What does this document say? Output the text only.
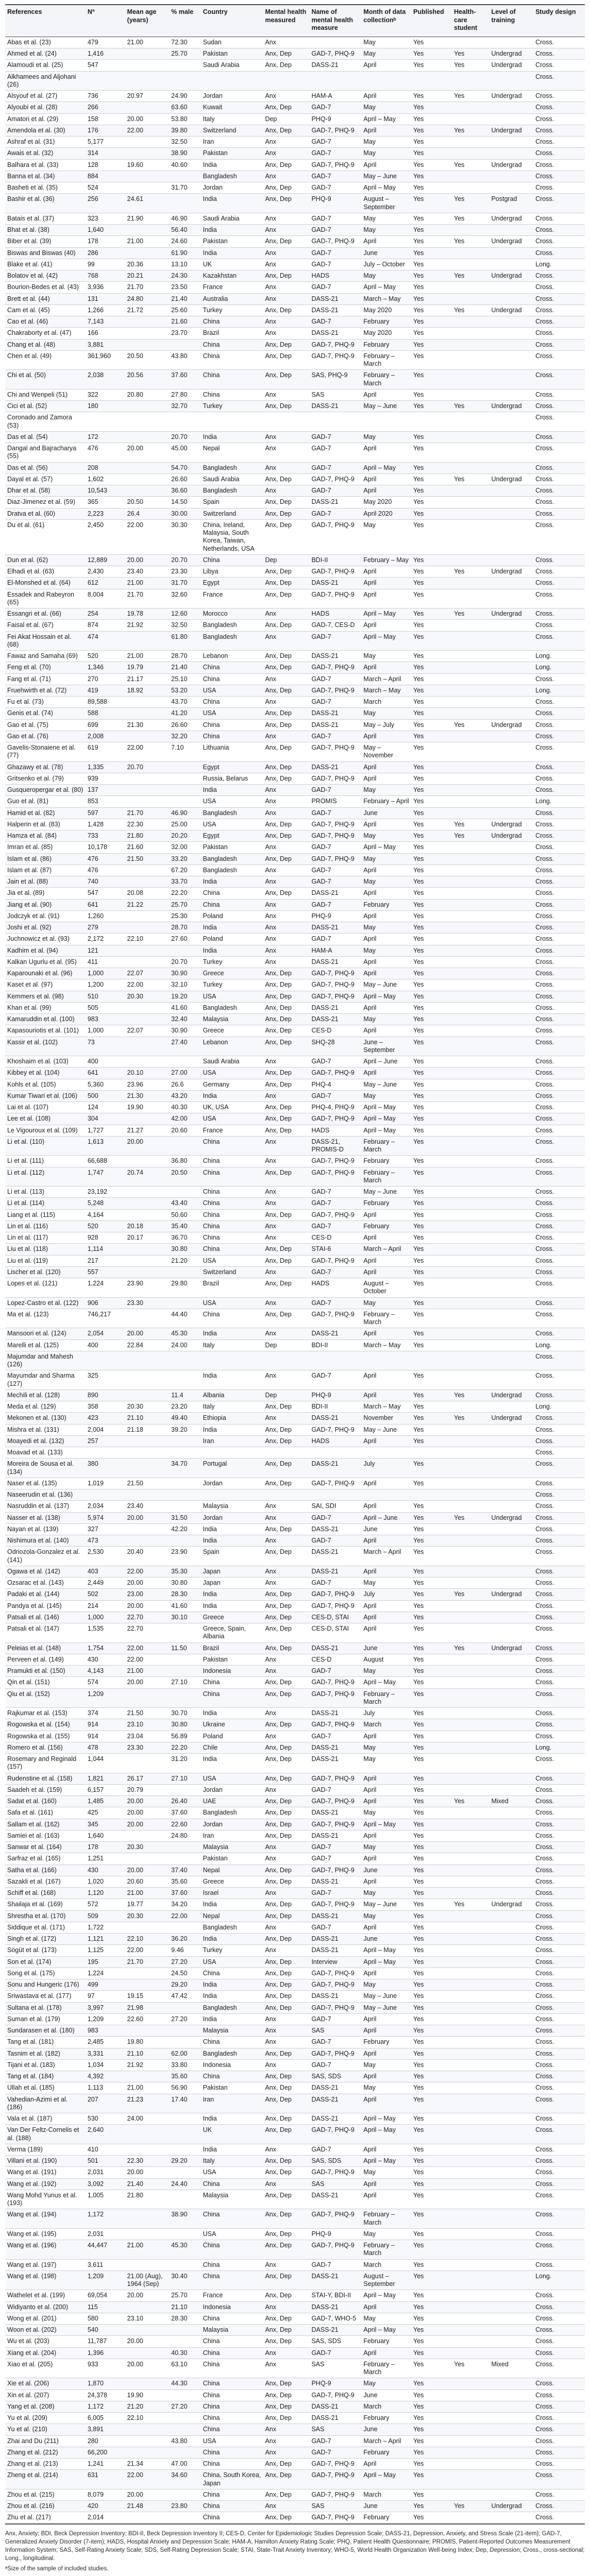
References	Nª	Mean age (years)	% male	Country	Mental health measured	Name of mental health measure	Month of data collectionᵇ	Published	Health-care student	Level of training	Study design
Abas et al. (23)	479	21.00	72.30	Sudan	Anx		May	Yes			Cross.
Ahmed et al. (24)	1,416		25.70	Pakistan	Anx, Dep	GAD-7, PHQ-9	May	Yes	Yes	Undergrad	Cross.
Alamoudi et al. (25)	547			Saudi Arabia	Anx, Dep	DASS-21	April	Yes	Yes	Undergrad	Cross.
Alkhamees and Aljohani (26)											Cross.
Alsyouf et al. (27)	736	20.97	24.90	Jordan	Anx	HAM-A	April	Yes	Yes	Undergrad	Cross.
Alyoubi et al. (28)	266		63.60	Kuwait	Anx, Dep	GAD-7	May	Yes			Cross.
Amatori et al. (29)	158	20.00	53.80	Italy	Dep	PHQ-9	April – May	Yes			Cross.
Amendola et al. (30)	176	22.00	39.80	Switzerland	Anx, Dep	GAD-7, PHQ-9	April	Yes	Yes	Undergrad	Cross.
Ashraf et al. (31)	5,177		32.50	Iran	Anx	GAD-7	May	Yes			Cross.
Awais et al. (32)	314		38.90	Pakistan	Anx	GAD-7	May	Yes			Cross.
Balhara et al. (33)	128	19.60	40.60	India	Anx, Dep	GAD-7, PHQ-9	April	Yes	Yes	Undergrad	Cross.
Banna et al. (34)	884			Bangladesh	Anx	GAD-7	May – June	Yes			Cross.
Basheti et al. (35)	524		31.70	Jordan	Anx, Dep	GAD-7	April – May	Yes			Cross.
Bashir et al. (36)	256	24.61		India	Anx, Dep	PHQ-9	August – September	Yes	Yes	Postgrad	Cross.
Batais et al. (37)	323	21.90	46.90	Saudi Arabia	Anx	GAD-7	May	Yes	Yes	Undergrad	Cross.
Bhat et al. (38)	1,640		56.40	India	Anx	GAD-7	May	Yes			Cross.
Biber et al. (39)	178	21.00	24.60	Pakistan	Anx, Dep	GAD-7, PHQ-9	April	Yes	Yes	Undergrad	Cross.
Biswas and Biswas (40)	286		61.90	India	Anx	GAD-7	June	Yes			Cross.
Blake et al. (41)	99	20.36	13.10	UK	Anx	GAD-7	July – October	Yes			Long.
Bolatov et al. (42)	768	20.21	24.30	Kazakhstan	Anx, Dep	HADS	May	Yes	Yes	Undergrad	Cross.
Bourion-Bedes et al. (43)	3,936	21.70	23.50	France	Anx	GAD-7	April – May	Yes			Cross.
Brett et al. (44)	131	24.80	21.40	Australia	Anx	DASS-21	March – May	Yes			Cross.
Cam et al. (45)	1,266	21.72	25.60	Turkey	Anx, Dep	DASS-21	May 2020	Yes	Yes	Undergrad	Cross.
Cao et al. (46)	7,143		21.60	China	Anx	GAD-7	February	Yes			Cross.
Chakraborty et al. (47)	166		23.70	Brazil	Anx	DASS-21	May 2020	Yes			Cross.
Chang et al. (48)	3,881			China	Anx, Dep	GAD-7, PHQ-9	February	Yes			Cross.
Chen et al. (49)	361,960	20.50	43.80	China	Anx, Dep	GAD-7, PHQ-9	February – March	Yes			Cross.
Chi et al. (50)	2,038	20.56	37.60	China	Anx, Dep	SAS, PHQ-9	February – March	Yes			Cross.
Chi and Wenpeli (51)	322	20.80	27.80	China	Anx	SAS	April	Yes			Cross.
Cici et al. (52)	180		32.70	Turkey	Anx, Dep	DASS-21	May – June	Yes	Yes	Undergrad	Cross.
Coronado and Zamora (53)											Cross.
Das et al. (54)	172		20.70	India	Anx	GAD-7	May	Yes			Cross.
Dangal and Bajracharya (55)	476	20.00	45.00	Nepal	Anx	GAD-7	April	Yes			Cross.
Das et al. (56)	208		54.70	Bangladesh	Anx	GAD-7	April – May	Yes			Cross.
Dayal et al. (57)	1,602		26.60	Saudi Arabia	Anx, Dep	GAD-7, PHQ-9	April	Yes	Yes	Undergrad	Cross.
Dhar et al. (58)	10,543		36.60	Bangladesh	Anx	GAD-7	April	Yes			Cross.
Diaz-Jimenez et al. (59)	365	20.50	14.50	Spain	Anx, Dep	DASS-21	May 2020	Yes			Cross.
Dratva et al. (60)	2,223	26.4	30.00	Switzerland	Anx, Dep	GAD-7	April 2020	Yes			Cross.
Du et al. (61)	2,450	22.00	30.30	China, Ireland, Malaysia, South Korea, Taiwan, Netherlands, USA	Anx, Dep	GAD-7, PHQ-9	May	Yes			Cross.
Dun et al. (62)	12,889	20.00	20.70	China	Dep	BDI-II	February – May	Yes			Cross.
Elhadi et al. (63)	2,430	23.40	23.30	Libya	Anx, Dep	GAD-7, PHQ-9	April	Yes	Yes	Undergrad	Cross.
El-Monshed et al. (64)	612	21.00	31.70	Egypt	Anx, Dep	DASS-21	April	Yes			Cross.
Essadek and Rabeyron (65)	8,004	21.70	32.60	France	Anx, Dep	GAD-7, PHQ-9	April	Yes			Cross.
Essangri et al. (66)	254	19.78	12.60	Morocco	Anx	HADS	April – May	Yes	Yes	Undergrad	Cross.
Faisal et al. (67)	874	21.92	32.50	Bangladesh	Anx, Dep	GAD-7, CES-D	April	Yes			Cross.
Fei Akat Hossain et al. (68)	474		61.80	Bangladesh	Anx	GAD-7	April – May	Yes			Cross.
Fawaz and Samaha (69)	520	21.00	28.70	Lebanon	Anx, Dep	DASS-21	May	Yes			Long.
Feng et al. (70)	1,346	19.79	21.40	China	Anx, Dep	GAD-7, PHQ-9	April	Yes			Long.
Fang et al. (71)	270	21.17	25.10	China	Anx	GAD-7	March – April	Yes			Cross.
Fruehwirth et al. (72)	419	18.92	53.20	USA	Anx, Dep	GAD-7, PHQ-9	March – May	Yes			Long.
Fu et al. (73)	89,588		43.70	China	Anx	GAD-7	March	Yes			Cross.
Genis et al. (74)	588		41.20	USA	Anx, Dep	DASS-21	May	Yes			Cross.
Gao et al. (75)	699	21.30	26.60	China	Anx, Dep	DASS-21	May – July	Yes	Yes	Undergrad	Cross.
Gao et al. (76)	2,008		32.20	China	Anx	GAD-7	April	Yes			Cross.
Gavelis-Stonaiene et al. (77)	619	22.00	7.10	Lithuania	Anx, Dep	GAD-7, PHQ-9	May – November	Yes			Cross.
Ghazawy et al. (78)	1,335	20.70		Egypt	Anx, Dep	DASS-21	April	Yes			Cross.
Gritsenko et al. (79)	939			Russia, Belarus	Anx, Dep	GAD-7, PHQ-9	April	Yes			Cross.
Gusqueropergar et al. (80)	137			India	Anx	GAD-7	May	Yes			Cross.
Guo et al. (81)	853			USA	Anx	PROMIS	February – April	Yes			Long.
Hamid et al. (82)	597	21.70	46.90	Bangladesh	Anx	GAD-7	June	Yes			Cross.
Halperin et al. (83)	1,428	22.30	25.00	USA	Anx, Dep	GAD-7, PHQ-9	April	Yes	Yes	Undergrad	Cross.
Hamza et al. (84)	733	21.80	20.20	Egypt	Anx, Dep	GAD-7, PHQ-9	May	Yes	Yes	Undergrad	Cross.
Imran et al. (85)	10,178	21.60	32.00	Pakistan	Anx	GAD-7	April – May	Yes			Cross.
Islam et al. (86)	476	21.50	33.20	Bangladesh	Anx, Dep	GAD-7, PHQ-9	May	Yes			Cross.
Islam et al. (87)	476		67.20	Bangladesh	Anx	GAD-7	April	Yes			Cross.
Jain et al. (88)	740		33.70	India	Anx	GAD-7	May	Yes			Cross.
Jia et al. (89)	547	20.08	22.20	China	Anx, Dep	DASS-21	April	Yes			Cross.
Jiang et al. (90)	641	21.22	25.70	China	Anx	GAD-7	February	Yes			Cross.
Jodczyk et al. (91)	1,260		25.30	Poland	Anx	PHQ-9	April	Yes			Cross.
Joshi et al. (92)	279		28.70	India	Anx	DASS-21	May	Yes			Cross.
Juchnowicz et al. (93)	2,172	22.10	27.60	Poland	Anx	GAD-7	April	Yes			Cross.
Kadhim et al. (94)	121			India	Anx	HAM-A	May	Yes			Cross.
Kalkan Ugurlu et al. (95)	411		20.70	Turkey	Anx	DASS-21	April	Yes			Cross.
Kaparounaki et al. (96)	1,000	22.07	30.90	Greece	Anx, Dep	GAD-7, PHQ-9	April	Yes			Cross.
Kaset et al. (97)	1,200	22.00	32.10	Turkey	Anx, Dep	GAD-7, PHQ-9	May – June	Yes			Cross.
Kemmers et al. (98)	510	20.30	19.20	USA	Anx, Dep	GAD-7, PHQ-9	April – May	Yes			Cross.
Khan et al. (99)	505		41.60	Bangladesh	Anx, Dep	DASS-21	April	Yes			Cross.
Kamaruddin et al. (100)	983		32.40	Malaysia	Anx, Dep	DASS-21	May	Yes			Cross.
Kapasouriotis et al. (101)	1,000	22.07	30.90	Greece	Anx, Dep	CES-D	April	Yes			Cross.
Kassir et al. (102)	73		27.40	Lebanon	Anx, Dep	SHQ-28	June – September	Yes			Cross.
Khoshaim et al. (103)	400			Saudi Arabia	Anx	GAD-7	April – June	Yes			Cross.
Kibbey et al. (104)	641	20.10	27.00	USA	Anx, Dep	GAD-7, PHQ-9	April	Yes			Cross.
Kohls et al. (105)	5,360	23.96	26.6	Germany	Anx, Dep	PHQ-4	May – June	Yes			Cross.
Kumar Tiwari et al. (106)	500	21.30	43.20	India	Anx	GAD-7	May	Yes			Cross.
Lai et al. (107)	124	19.90	40.30	UK, USA	Anx, Dep	PHQ-4, PHQ-9	April – May	Yes			Cross.
Lee et al. (108)	304		42.00	USA	Anx, Dep	GAD-7, PHQ-9	April – May	Yes			Cross.
Le Vigouroux et al. (109)	1,727	21.27	20.60	France	Anx, Dep	HADS	April – May	Yes			Cross.
Li et al. (110)	1,613	20.00		China	Anx	DASS-21, PROMIS-D	February – March	Yes			Cross.
Li et al. (111)	66,688		36.80	China	Anx	GAD-7, PHQ-9	February	Yes			Cross.
Li et al. (112)	1,747	20.74	20.50	China	Anx, Dep	GAD-7, PHQ-9	February – March	Yes			Cross.
Li et al. (113)	23,192			China	Anx	GAD-7	May – June	Yes			Cross.
Li et al. (114)	5,248		43.40	China	Anx	GAD-7	February	Yes			Cross.
Liang et al. (115)	4,164		50.60	China	Anx, Dep	GAD-7, PHQ-9	April	Yes			Cross.
Lin et al. (116)	520	20.18	35.40	China	Anx	GAD-7	February	Yes			Cross.
Lin et al. (117)	928	20.17	36.70	China	Anx	CES-D	April	Yes			Cross.
Liu et al. (118)	1,114		30.80	China	Anx, Dep	STAI-6	March – April	Yes			Cross.
Liu et al. (119)	217		21.20	USA	Anx, Dep	GAD-7, PHQ-9	April	Yes			Cross.
Lischer et al. (120)	557			Switzerland	Anx	GAD-7	April	Yes			Cross.
Lopes et al. (121)	1,224	23.90	29.80	Brazil	Anx, Dep	HADS	August – October	Yes			Cross.
Lopez-Castro et al. (122)	906	23.30		USA	Anx	GAD-7	May	Yes			Cross.
Ma et al. (123)	746,217		44.40	China	Anx, Dep	GAD-7, PHQ-9	February – March	Yes			Cross.
Mansoori et al. (124)	2,054	20.00	45.30	India	Anx	DASS-21	April	Yes			Cross.
Marelli et al. (125)	400	22.84	24.00	Italy	Dep	BDI-II	March – May	Yes			Long.
Majumdar and Mahesh (126)											Cross.
Mayumdar and Sharma (127)	325			India	Anx	GAD-7	April	Yes			Cross.
Mechili et al. (128)	890		11.4	Albania	Dep	PHQ-9	April	Yes	Yes	Undergrad	Cross.
Meda et al. (129)	358	20.30	23.20	Italy	Anx, Dep	BDI-II	March – May	Yes			Long.
Mekonen et al. (130)	423	21.10	49.40	Ethiopia	Anx	DASS-21	November	Yes	Yes	Undergrad	Cross.
Mishra et al. (131)	2,004	21.18	39.20	India	Anx, Dep	GAD-7, PHQ-9	May – June	Yes			Cross.
Moayedi et al. (132)	257			Iran	Anx, Dep	HADS	April	Yes			Cross.
Moavad et al. (133)											Cross.
Moreira de Sousa et al. (134)	380		34.70	Portugal	Anx, Dep	DASS-21	July	Yes			Cross.
Naser et al. (135)	1,019	21.50		Jordan	Anx, Dep	GAD-7, PHQ-9	April	Yes			Cross.
Naseerudin et al. (136)											Cross.
Nasruddin et al. (137)	2,034	23.40		Malaysia	Anx	SAI, SDI	April	Yes			Cross.
Nasser et al. (138)	5,974	20.00	31.50	Jordan	Anx	GAD-7	April – June	Yes	Yes	Undergrad	Cross.
Nayan et al. (139)	327		42.20	India	Anx, Dep	DASS-21	June	Yes			Cross.
Nishimura et al. (140)	473			India	Anx	GAD-7	April	Yes			Cross.
Odriozola-Gonzalez et al. (141)	2,530	20.40	23.90	Spain	Anx, Dep	DASS-21	March – April	Yes			Cross.
Ogawa et al. (142)	403	22.00	35.30	Japan	Anx	DASS-21	April	Yes			Cross.
Ozsarac et al. (143)	2,449	20.00	30.80	Japan	Anx	GAD-7	May	Yes			Cross.
Padaki et al. (144)	502	23.00	28.30	India	Anx, Dep	GAD-7, PHQ-9	July	Yes	Yes	Undergrad	Cross.
Pandya et al. (145)	214	20.00	41.60	India	Anx, Dep	GAD-7, PHQ-9	April	Yes			Cross.
Patsali et al. (146)	1,000	22.70	30.10	Greece	Anx, Dep	CES-D, STAI	April	Yes			Cross.
Patsali et al. (147)	1,535	22.70		Greece, Spain, Albania	Anx, Dep	CES-D, STAI	April	Yes			Cross.
Peleias et al. (148)	1,754	22.00	11.50	Brazil	Anx, Dep	DASS-21	June	Yes	Yes	Undergrad	Cross.
Perveen et al. (149)	430	22.00		Pakistan	Anx	CES-D	August	Yes			Cross.
Pramukti et al. (150)	4,143	21.00		Indonesia	Anx	GAD-7	May	Yes			Cross.
Qin et al. (151)	574	20.00	27.10	China	Anx, Dep	GAD-7, PHQ-9	April – May	Yes			Cross.
Qiu et al. (152)	1,209			China	Anx, Dep	GAD-7, PHQ-9	February – March	Yes			Cross.
Rajkumar et al. (153)	374	21.50	30.70	India	Anx	DASS-21	July	Yes			Cross.
Rogowska et al. (154)	914	23.10	30.80	Ukraine	Anx, Dep	GAD-7, PHQ-9	March	Yes			Cross.
Rogowska et al. (155)	914	23.04	56.89	Poland	Anx	GAD-7	April	Yes			Cross.
Romero et al. (156)	478	23.30	22.20	Chile	Anx, Dep	DASS-21	May	Yes			Long.
Rosemary and Reginald (157)	1,044		31.20	India	Anx, Dep	DASS-21	May	Yes			Cross.
Rudenstine et al. (158)	1,821	26.17	27.10	USA	Anx, Dep	GAD-7, PHQ-9	April	Yes			Cross.
Saadeh et al. (159)	6,157	20.79		Jordan	Anx	GAD-7	April	Yes			Cross.
Sadat et al. (160)	1,485	20.00	26.40	UAE	Anx, Dep	GAD-7, PHQ-9	April	Yes	Yes	Mixed	Cross.
Safa et al. (161)	425	20.00	37.60	Bangladesh	Anx, Dep	DASS-21	May	Yes			Cross.
Sallam et al. (162)	345	20.00	22.60	Jordan	Anx, Dep	GAD-7, PHQ-9	April – May	Yes			Cross.
Samiei et al. (163)	1,640		24.80	Iran	Anx, Dep	DASS-21	April	Yes			Cross.
Sanwar et al. (164)	178	20.30		Malaysia	Anx	GAD-7	May	Yes			Cross.
Sarfraz et al. (165)	1,251			Pakistan	Anx	GAD-7	April	Yes			Cross.
Satha et al. (166)	430	20.00	37.40	Nepal	Anx, Dep	GAD-7, PHQ-9	June	Yes			Cross.
Sazakli et al. (167)	1,020	20.60	35.60	Greece	Anx, Dep	DASS-21	April	Yes			Cross.
Schiff et al. (168)	1,120	21.00	37.60	Israel	Anx	GAD-7	May	Yes			Cross.
Shailaja et al. (169)	572	19.77	34.20	India	Anx, Dep	GAD-7, PHQ-9	May – June	Yes	Yes	Undergrad	Cross.
Shrestha et al. (170)	509	20.30	22.00	Nepal	Anx, Dep	DASS-21	May	Yes			Cross.
Siddique et al. (171)	1,722			Bangladesh	Anx	GAD-7	April	Yes			Cross.
Singh et al. (172)	1,121	22.10	36.20	India	Anx, Dep	DASS-21	June	Yes			Cross.
Sögüt et al. (173)	1,125	22.00	9.46	Turkey	Anx	DASS-21	April – May	Yes			Cross.
Son et al. (174)	195	21.70	27.20	USA	Anx, Dep	Interview	April – May	Yes			Cross.
Song et al. (175)	1,224		24.50	China	Anx, Dep	GAD-7, PHQ-9	April	Yes			Cross.
Sonu and Hungeric (176)	499		29.20	India	Anx, Dep	GAD-7, PHQ-9	May	Yes			Cross.
Sriwastava et al. (177)	97	19.15	47.42	India	Anx, Dep	DASS-21	May – June	Yes			Cross.
Sultana et al. (178)	3,997	21.98		Bangladesh	Anx, Dep	GAD-7, PHQ-9	May – June	Yes			Cross.
Suman et al. (179)	1,209	22.60	27.20	India	Anx	GAD-7	April	Yes			Cross.
Sundarasen et al. (180)	983			Malaysia	Anx	SAS	April	Yes			Cross.
Tang et al. (181)	2,485	19.80		China	Anx	GAD-7	February	Yes			Cross.
Tasnim et al. (182)	3,331	21.10	62.00	Bangladesh	Anx, Dep	GAD-7, PHQ-9	April	Yes			Cross.
Tijani et al. (183)	1,034	21.92	33.80	Indonesia	Anx	GAD-7	May	Yes			Cross.
Tang et al. (184)	4,392		35.60	China	Anx, Dep	SAS, SDS	April	Yes			Cross.
Ullah et al. (185)	1,113	21.00	56.90	Pakistan	Anx, Dep	DASS-21	May	Yes			Cross.
Vahedian-Azimi et al. (186)	207	21.23	17.40	Iran	Anx, Dep	DASS-21	April	Yes			Cross.
Vala et al. (187)	530	24.00		India	Anx, Dep	DASS-21	April – May	Yes			Cross.
Van Der Feltz-Cornelis et al. (188)	2,640			UK	Anx, Dep	GAD-7, PHQ-9	April – May	Yes			Cross.
Verma (189)	410			India	Anx	GAD-7	April	Yes			Cross.
Villani et al. (190)	501	22.30	29.20	Italy	Anx, Dep	SAS, SDS	April – May	Yes			Cross.
Wang et al. (191)	2,031	20.00		USA	Anx, Dep	GAD-7, PHQ-9	May	Yes			Cross.
Wang et al. (192)	3,092	21.40	24.40	China	Anx	SAS	April	Yes			Cross.
Wang Mohd Yunus et al. (193)	1,005	21.80		Malaysia	Anx, Dep	DASS-21	April	Yes			Cross.
Wang et al. (194)	1,172		38.90	China	Anx, Dep	GAD-7, PHQ-9	February – March	Yes			Cross.
Wang et al. (195)	2,031			USA	Anx, Dep	PHQ-9	May	Yes			Cross.
Wang et al. (196)	44,447	21.00	45.30	China	Anx, Dep	GAD-7, PHQ-9	February – March	Yes			Cross.
Wang et al. (197)	3,611			China	Anx	GAD-7	March	Yes			Cross.
Wang et al. (198)	1,209	21.00 (Aug), 1964 (Sep)	30.40	China	Anx, Dep	DASS-21	August – September	Yes			Long.
Wathelet et al. (199)	69,054	20.00	25.70	France	Anx, Dep	STAI-Y, BDI-II	April – May	Yes			Cross.
Widiyanto et al. (200)	115		21.10	Indonesia	Anx	DASS-21	April	Yes			Cross.
Wong et al. (201)	580	23.10	28.30	China	Anx, Dep	GAD-7, WHO-5	May	Yes			Cross.
Woon et al. (202)	540			Malaysia	Anx, Dep	DASS-21	April – May	Yes			Cross.
Wu et al. (203)	11,787	20.00		China	Anx, Dep	SAS, SDS	February	Yes			Cross.
Xiang et al. (204)	1,396		40.30	China	Anx	GAD-7	April	Yes			Cross.
Xiao et al. (205)	933	20.00	63.10	China	Anx	SAS	February – March	Yes	Yes	Mixed	Cross.
Xie et al. (206)	1,870		44.30	China	Anx, Dep	PHQ-9	May	Yes			Cross.
Xin et al. (207)	24,378	19.90		China	Anx, Dep	GAD-7, PHQ-9	June	Yes			Cross.
Yang et al. (208)	1,172	21.20	27.20	China	Anx, Dep	DASS-21	March	Yes			Cross.
Yu et al. (209)	6,005	22.10		China	Anx, Dep	DASS-21	February	Yes			Cross.
Yu et al. (210)	3,891			China	Anx	SAS	June	Yes			Cross.
Zhai and Du (211)	280		43.80	USA	Anx	GAD-7	March – April	Yes			Cross.
Zhang et al. (212)	66,200			China	Anx	GAD-7	February	Yes			Cross.
Zhang et al. (213)	1,241	21.34	47.00	China	Anx, Dep	GAD-7, PHQ-9	April	Yes			Cross.
Zheng et al. (214)	631	22.00	34.60	China, South Korea, Japan	Anx, Dep	GAD-7, PHQ-9	April – May	Yes			Cross.
Zhou et al. (215)	8,079	20.00		China	Anx, Dep	GAD-7, PHQ-9	March	Yes			Cross.
Zhou et al. (216)	420	21.48	23.80	China	Anx	SAS	June	Yes	Yes	Undergrad	Cross.
Zhu et al. (217)	2,014			China	Anx, Dep	GAD-7, PHQ-9	February	Yes			Cross.

Anx, Anxiety; BDI, Beck Depression Inventory; BDI-II, Beck Depression Inventory II; CES-D, Center for Epidemiologic Studies Depression Scale; DASS-21, Depression, Anxiety, and Stress Scale (21-item); GAD-7, Generalized Anxiety Disorder (7-item); HADS, Hospital Anxiety and Depression Scale; HAM-A, Hamilton Anxiety Rating Scale; PHQ, Patient Health Questionnaire; PROMIS, Patient-Reported Outcomes Measurement Information System; SAS, Self-Rating Anxiety Scale; SDS, Self-Rating Depression Scale; STAI, State-Trait Anxiety Inventory; WHO-5, World Health Organization Well-being Index; Dep, Depression; Cross., cross-sectional; Long., longitudinal.

ªSize of the sample of included studies.
